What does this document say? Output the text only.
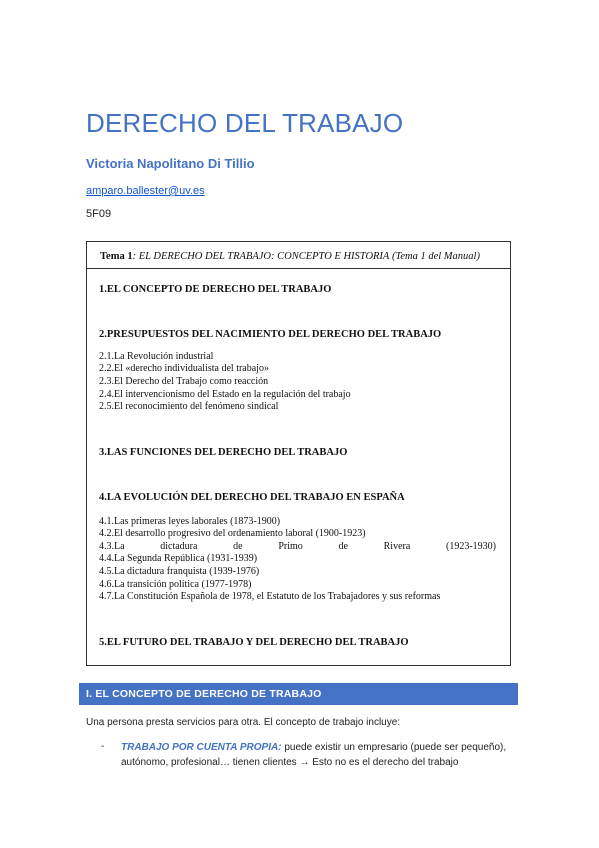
DERECHO DEL TRABAJO
Victoria Napolitano Di Tillio
amparo.ballester@uv.es
5F09
Tema 1: EL DERECHO DEL TRABAJO: CONCEPTO E HISTORIA (Tema 1 del Manual)
1.EL CONCEPTO DE DERECHO DEL TRABAJO
2.PRESUPUESTOS DEL NACIMIENTO DEL DERECHO DEL TRABAJO
2.1.La Revolución industrial
2.2.El «derecho individualista del trabajo»
2.3.El Derecho del Trabajo como reacción
2.4.El intervencionismo del Estado en la regulación del trabajo
2.5.El reconocimiento del fenómeno sindical
3.LAS FUNCIONES DEL DERECHO DEL TRABAJO
4.LA EVOLUCIÓN DEL DERECHO DEL TRABAJO EN ESPAÑA
4.1.Las primeras leyes laborales (1873-1900)
4.2.El desarrollo progresivo del ordenamiento laboral (1900-1923)
4.3.La	dictadura	de	Primo	de	Rivera	(1923-1930)
4.4.La Segunda República (1931-1939)
4.5.La dictadura franquista (1939-1976)
4.6.La transición política (1977-1978)
4.7.La Constitución Española de 1978, el Estatuto de los Trabajadores y sus reformas
5.EL FUTURO DEL TRABAJO Y DEL DERECHO DEL TRABAJO
I. EL CONCEPTO DE DERECHO DE TRABAJO
Una persona presta servicios para otra. El concepto de trabajo incluye:
- TRABAJO POR CUENTA PROPIA: puede existir un empresario (puede ser pequeño), autónomo, profesional… tienen clientes → Esto no es el derecho del trabajo
